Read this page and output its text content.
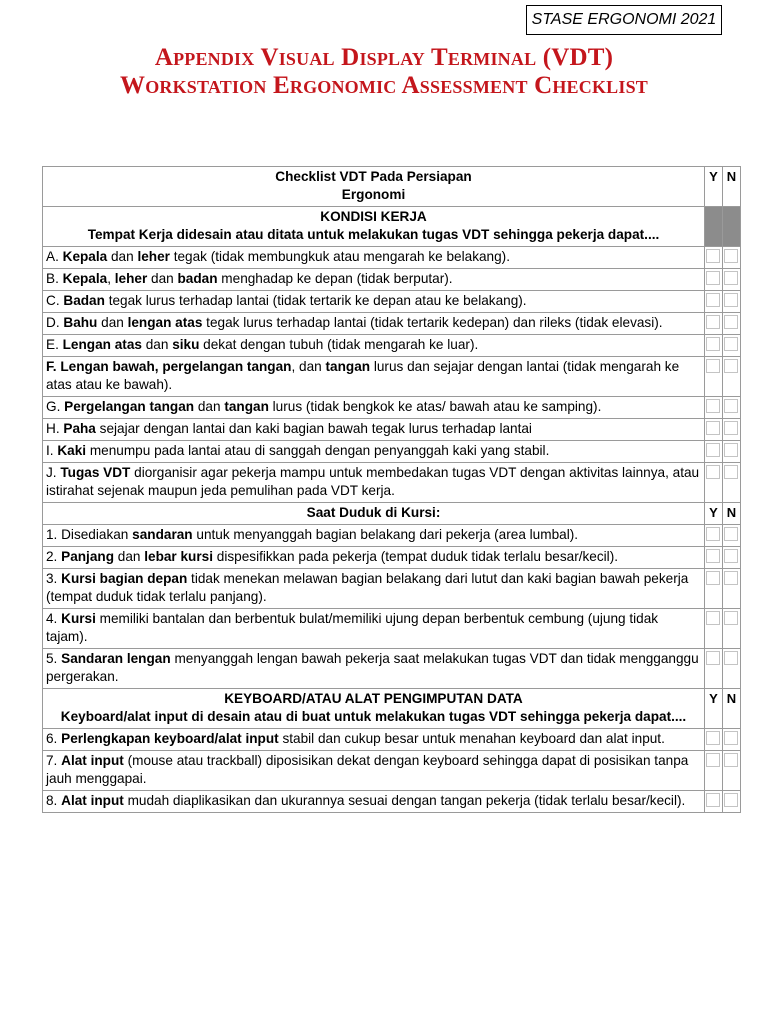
STASE ERGONOMI 2021
Appendix Visual Display Terminal (VDT)
Workstation Ergonomic Assessment Checklist
Checklist VDT Pada Persiapan
Ergonomi	Y	N

KONDISI KERJA
Tempat Kerja didesain atau ditata untuk melakukan tugas VDT sehingga pekerja dapat....		

A. Kepala dan leher tegak (tidak membungkuk atau mengarah ke belakang).	

B. Kepala, leher dan badan menghadap ke depan (tidak berputar).	

C. Badan tegak lurus terhadap lantai (tidak tertarik ke depan atau ke belakang).	

D. Bahu dan lengan atas tegak lurus terhadap lantai (tidak tertarik kedepan) dan rileks (tidak elevasi).	

E. Lengan atas dan siku dekat dengan tubuh (tidak mengarah ke luar).	

F. Lengan bawah, pergelangan tangan, dan tangan lurus dan sejajar dengan lantai (tidak mengarah ke atas atau ke bawah).	

G. Pergelangan tangan dan tangan lurus (tidak bengkok ke atas/ bawah atau ke samping).	

H. Paha sejajar dengan lantai dan kaki bagian bawah tegak lurus terhadap lantai	

I. Kaki menumpu pada lantai atau di sanggah dengan penyanggah kaki yang stabil.	

J. Tugas VDT diorganisir agar pekerja mampu untuk membedakan tugas VDT dengan aktivitas lainnya, atau istirahat sejenak maupun jeda pemulihan pada VDT kerja.	

Saat Duduk di Kursi:	Y	N
1. Disediakan sandaran untuk menyanggah bagian belakang dari pekerja (area lumbal).	

2. Panjang dan lebar kursi dispesifikkan pada pekerja (tempat duduk tidak terlalu besar/kecil).	

3. Kursi bagian depan tidak menekan melawan bagian belakang dari lutut dan kaki bagian bawah pekerja (tempat duduk tidak terlalu panjang).	

4. Kursi memiliki bantalan dan berbentuk bulat/memiliki ujung depan berbentuk cembung (ujung tidak tajam).	

5. Sandaran lengan menyanggah lengan bawah pekerja saat melakukan tugas VDT dan tidak mengganggu pergerakan.	

KEYBOARD/ATAU ALAT PENGIMPUTAN DATA
Keyboard/alat input di desain atau di buat untuk melakukan tugas VDT sehingga pekerja dapat....	Y	N
6. Perlengkapan keyboard/alat input stabil dan cukup besar untuk menahan keyboard dan alat input.	

7. Alat input (mouse atau trackball) diposisikan dekat dengan keyboard sehingga dapat di posisikan tanpa jauh menggapai.	

8. Alat input mudah diaplikasikan dan ukurannya sesuai dengan tangan pekerja (tidak terlalu besar/kecil).	
